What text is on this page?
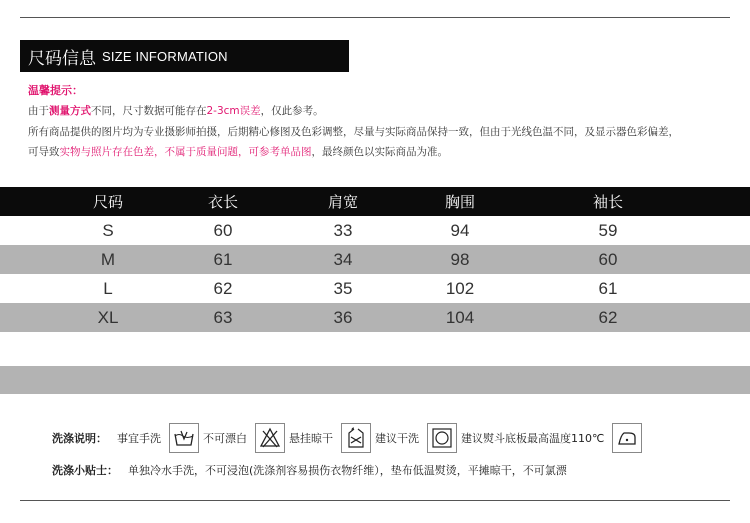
尺码信息 SIZE INFORMATION
温馨提示：
由于测量方式不同，尺寸数据可能存在2-3cm误差，仅此参考。
所有商品提供的图片均为专业摄影师拍摄，后期精心修图及色彩调整，尽量与实际商品保持一致，但由于光线色温不同，及显示器色彩偏差，
可导致实物与照片存在色差，不属于质量问题，可参考单品图，最终颜色以实际商品为准。
尺码	衣长	肩宽	胸围	袖长
S	60	33	94	59
M	61	34	98	60
L	62	35	102	61
XL	63	36	104	62
洗涤说明： 事宜手洗	不可漂白	悬挂晾干	建议干洗	建议熨斗底板最高温度110℃
洗涤小贴士： 单独冷水手洗，不可浸泡(洗涤剂容易损伤衣物纤维），垫布低温熨烫，平摊晾干，不可氯漂
